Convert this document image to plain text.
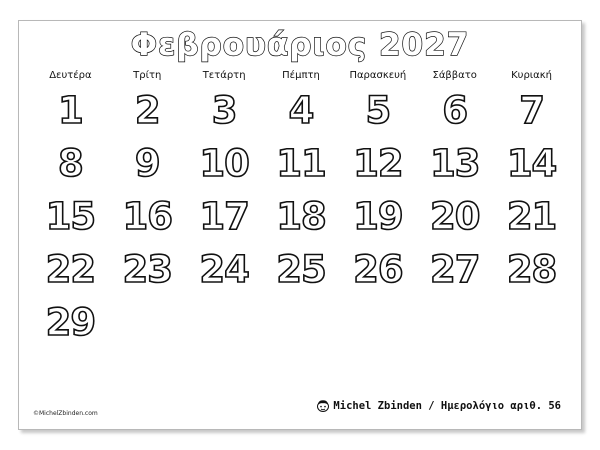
Φεβρουάριος 2027
Δευτέρα	Τρίτη	Τετάρτη	Πέμπτη	Παρασκευή	Σάββατο	Κυριακή
1	2	3	4	5	6	7
8	9	10 11 12 13 14
15 16 17 18 19 20 21
22 23 24 25 26 27 28
29
©MichelZbinden.com
Michel Zbinden / Ημερολόγιο αριθ. 56
